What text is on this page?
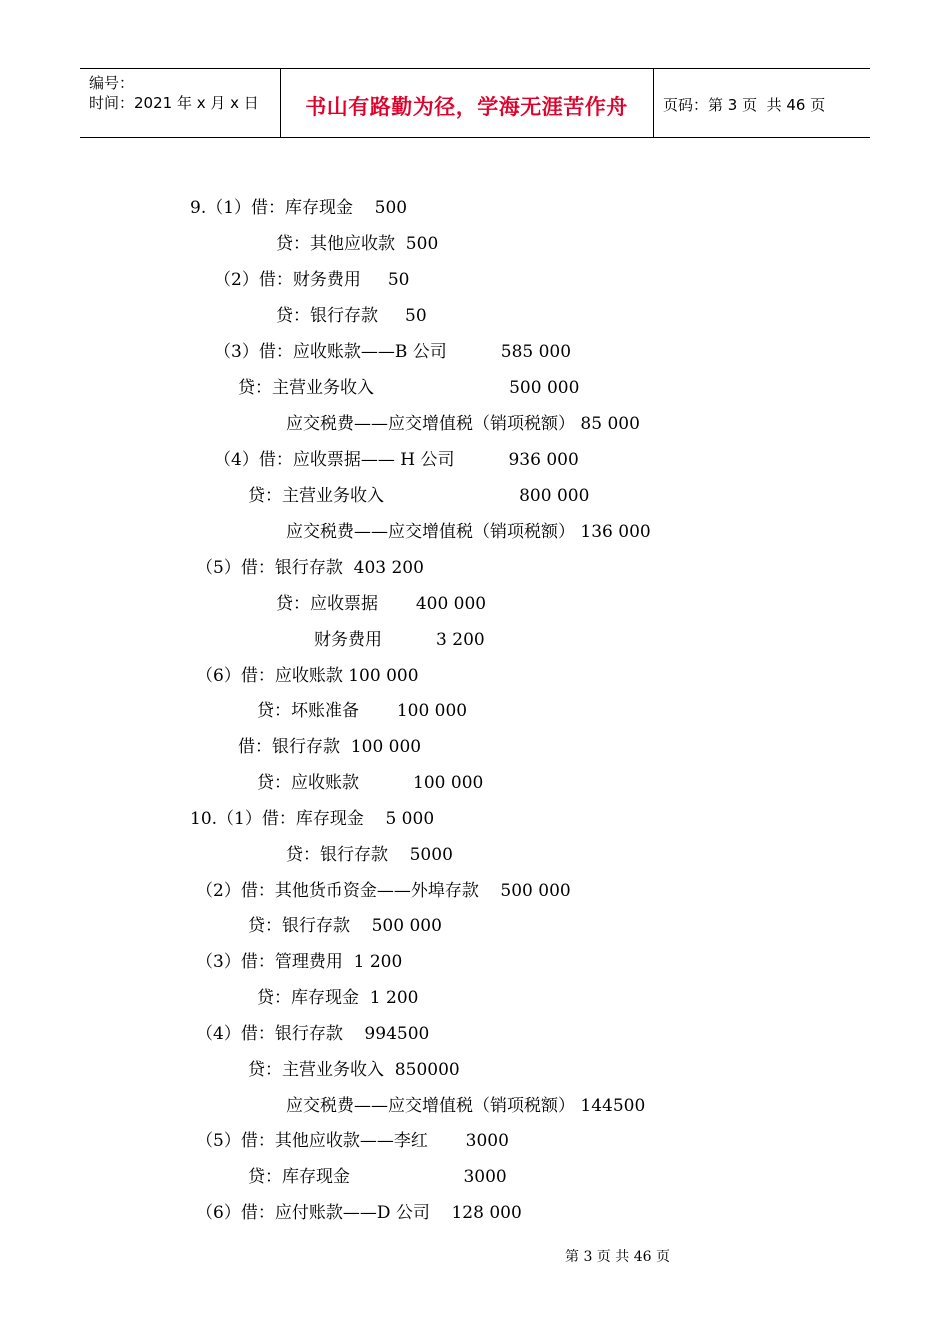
编号：
时间：2021 年 x 月 x 日	书山有路勤为径，学海无涯苦作舟	页码：第 3 页  共 46 页
9.（1）借：库存现金    500
贷：其他应收款  500
（2）借：财务费用     50
贷：银行存款     50
（3）借：应收账款——B 公司          585 000
贷：主营业务收入                         500 000
应交税费——应交增值税（销项税额） 85 000
（4）借：应收票据—— H 公司          936 000
贷：主营业务收入                         800 000
应交税费——应交增值税（销项税额） 136 000
（5）借：银行存款  403 200
贷：应收票据       400 000
财务费用          3 200
（6）借：应收账款 100 000
贷：坏账准备       100 000
借：银行存款  100 000
贷：应收账款          100 000
10.（1）借：库存现金    5 000
贷：银行存款    5000
（2）借：其他货币资金——外埠存款    500 000
贷：银行存款    500 000
（3）借：管理费用  1 200
贷：库存现金  1 200
（4）借：银行存款    994500
贷：主营业务收入  850000
应交税费——应交增值税（销项税额） 144500
（5）借：其他应收款——李红       3000
贷：库存现金                     3000
（6）借：应付账款——D 公司    128 000
第 3 页 共 46 页
